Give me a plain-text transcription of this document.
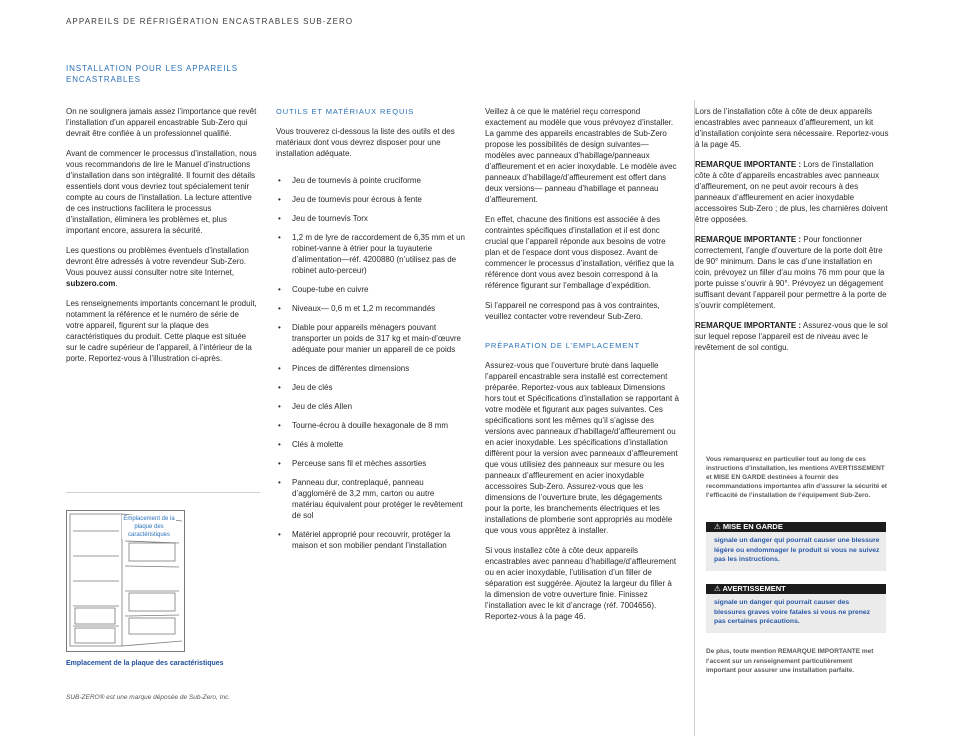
APPAREILS DE RÉFRIGÉRATION ENCASTRABLES SUB-ZERO
INSTALLATION POUR LES APPAREILS ENCASTRABLES

On ne soulignera jamais assez l’importance que revêt l’installation d’un appareil encastrable Sub-Zero qui devrait être confiée à un professionnel qualifié.

Avant de commencer le processus d’installation, nous vous recommandons de lire le Manuel d’instructions d’installation dans son intégralité. Il fournit des détails essentiels dont vous devriez tout spécialement tenir compte au cours de l’installation. La lecture attentive de ces instructions facilitera le processus d’installation, éliminera les problèmes et, plus important encore, assurera la sécurité.

Les questions ou problèmes éventuels d’installation devront être adressés à votre revendeur Sub-Zero. Vous pouvez aussi consulter notre site Internet, subzero.com.

Les renseignements importants concernant le produit, notamment la référence et le numéro de série de votre appareil, figurent sur la plaque des caractéristiques du produit. Cette plaque est située sur le cadre supérieur de l’appareil, à l’intérieur de la porte. Reportez-vous à l’illustration ci-après.

Emplacement de la plaque des caractéristiques
Emplacement de la plaque des caractéristiques
SUB-ZERO® est une marque déposée de Sub-Zero, Inc.
OUTILS ET MATÉRIAUX REQUIS

Vous trouverez ci-dessous la liste des outils et des matériaux dont vous devrez disposer pour une installation adéquate.

• Jeu de tournevis à pointe cruciforme
• Jeu de tournevis pour écrous à fente
• Jeu de tournevis Torx
• 1,2 m de lyre de raccordement de 6,35 mm et un robinet-vanne à étrier pour la tuyauterie d’alimentation—réf. 4200880 (n’utilisez pas de robinet auto-perceur)
• Coupe-tube en cuivre
• Niveaux— 0,6 m et 1,2 m recommandés
• Diable pour appareils ménagers pouvant transporter un poids de 317 kg et main-d’œuvre adéquate pour manier un appareil de ce poids
• Pinces de différentes dimensions
• Jeu de clés
• Jeu de clés Allen
• Tourne-écrou à douille hexagonale de 8 mm
• Clés à molette
• Perceuse sans fil et mèches assorties
• Panneau dur, contreplaqué, panneau d’aggloméré de 3,2 mm, carton ou autre matériau équivalent pour protéger le revêtement de sol
• Matériel approprié pour recouvrir, protéger la maison et son mobilier pendant l’installation

Veillez à ce que le matériel reçu correspond exactement au modèle que vous prévoyez d’installer. La gamme des appareils encastrables de Sub-Zero propose les possibilités de design suivantes— modèles avec panneaux d’habillage/panneaux d’affleurement et en acier inoxydable. Le modèle avec panneaux d’habillage/d’affleurement est offert dans deux versions— panneau d’habillage et panneau d’affleurement.

En effet, chacune des finitions est associée à des contraintes spécifiques d’installation et il est donc crucial que l’appareil réponde aux besoins de votre plan et de l’espace dont vous disposez. Avant de commencer le processus d’installation, vérifiez que la référence dont vous avez besoin correspond à la référence figurant sur l’emballage d’expédition.

Si l’appareil ne correspond pas à vos contraintes, veuillez contacter votre revendeur Sub-Zero.

PRÉPARATION DE L’EMPLACEMENT

Assurez-vous que l’ouverture brute dans laquelle l’appareil encastrable sera installé est correctement préparée. Reportez-vous aux tableaux Dimensions hors tout et Spécifications d’installation se rapportant à votre modèle et figurant aux pages suivantes. Ces spécifications sont les mêmes qu’il s’agisse des versions avec panneaux d’habillage/d’affleurement ou en acier inoxydable. Les spécifications d’installation diffèrent pour la version avec panneaux d’affleurement que vous utilisiez des panneaux sur mesure ou les panneaux d’affleurement en acier inoxydable accessoires Sub-Zero. Assurez-vous que les dimensions de l’ouverture brute, les dégagements pour la porte, les branchements électriques et les installations de plomberie sont appropriés au modèle que vous vous apprêtez à installer.

Si vous installez côte à côte deux appareils encastrables avec panneau d’habillage/d’affleurement ou en acier inoxydable, l’utilisation d’un filler de séparation est suggérée. Ajoutez la largeur du filler à la dimension de votre ouverture finie. Finissez l’installation avec le kit d’ancrage (réf. 7004656). Reportez-vous à la page 46.

Lors de l’installation côte à côte de deux appareils encastrables avec panneaux d’affleurement, un kit d’installation conjointe sera nécessaire. Reportez-vous à la page 45.

REMARQUE IMPORTANTE : Lors de l’installation côte à côte d’appareils encastrables avec panneaux d’affleurement, on ne peut avoir recours à des panneaux d’affleurement en acier inoxydable accessoires Sub-Zero ; de plus, les charnières doivent être opposées.

REMARQUE IMPORTANTE : Pour fonctionner correctement, l’angle d’ouverture de la porte doit être de 90° minimum. Dans le cas d’une installation en coin, prévoyez un filler d’au moins 76 mm pour que la porte puisse s’ouvrir à 90°. Prévoyez un dégagement suffisant devant l’appareil pour permettre à la porte de s’ouvrir complètement.

REMARQUE IMPORTANTE : Assurez-vous que le sol sur lequel repose l’appareil est de niveau avec le revêtement de sol contigu.

Vous remarquerez en particulier tout au long de ces instructions d’installation, les mentions AVERTISSEMENT et MISE EN GARDE destinées à fournir des recommandations importantes afin d’assurer la sécurité et l’efficacité de l’installation de l’équipement Sub-Zero.
⚠ MISE EN GARDE
signale un danger qui pourrait causer une blessure légère ou endommager le produit si vous ne suivez pas les instructions.
⚠ AVERTISSEMENT
signale un danger qui pourrait causer des blessures graves voire fatales si vous ne prenez pas certaines précautions.
De plus, toute mention REMARQUE IMPORTANTE met l’accent sur un renseignement particulièrement important pour assurer une installation parfaite.
